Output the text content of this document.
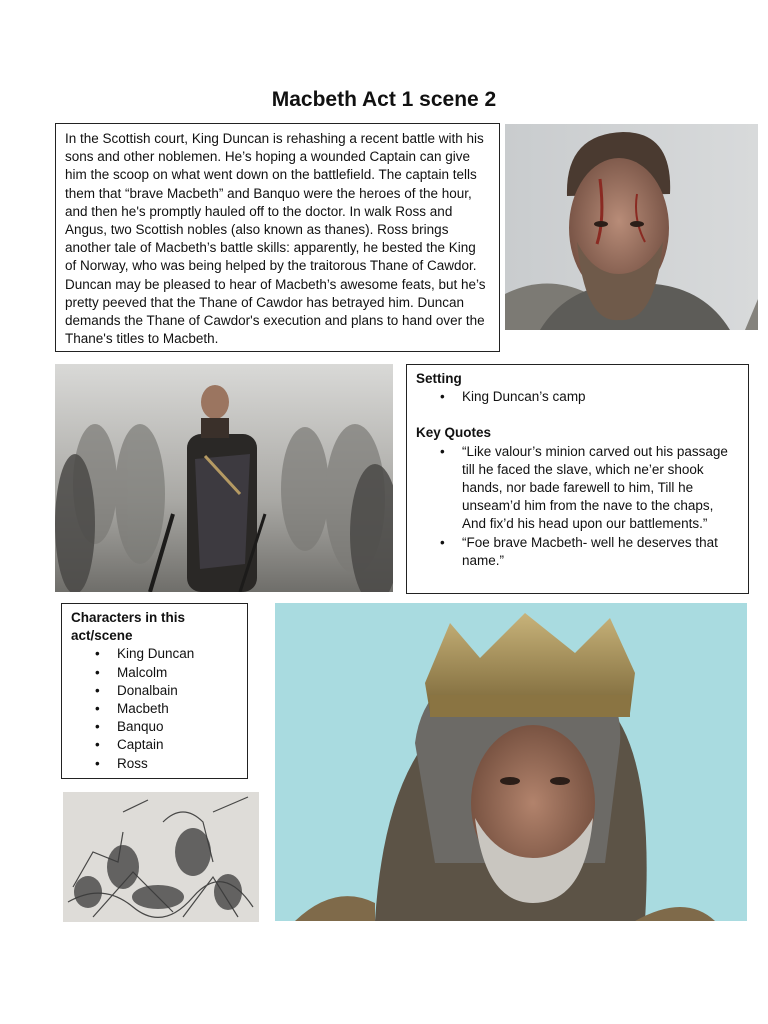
Macbeth Act 1 scene 2

In the Scottish court, King Duncan is rehashing a recent battle with his sons and other noblemen. He’s hoping a wounded Captain can give him the scoop on what went down on the battlefield. The captain tells them that “brave Macbeth” and Banquo were the heroes of the hour, and then he's promptly hauled off to the doctor. In walk Ross and Angus, two Scottish nobles (also known as thanes). Ross brings another tale of Macbeth’s battle skills: apparently, he bested the King of Norway, who was being helped by the traitorous Thane of Cawdor. Duncan may be pleased to hear of Macbeth’s awesome feats, but he’s pretty peeved that the Thane of Cawdor has betrayed him. Duncan demands the Thane of Cawdor's execution and plans to hand over the Thane's titles to Macbeth.

Setting

• King Duncan’s camp

Key Quotes

• “Like valour’s minion carved out his passage till he faced the slave, which ne’er shook hands, nor bade farewell to him, Till he unseam’d him from the nave to the chaps, And fix’d his head upon our battlements.”
• “Foe brave Macbeth- well he deserves that name.”

Characters in this act/scene

• King Duncan
• Malcolm
• Donalbain
• Macbeth
• Banquo
• Captain
• Ross
